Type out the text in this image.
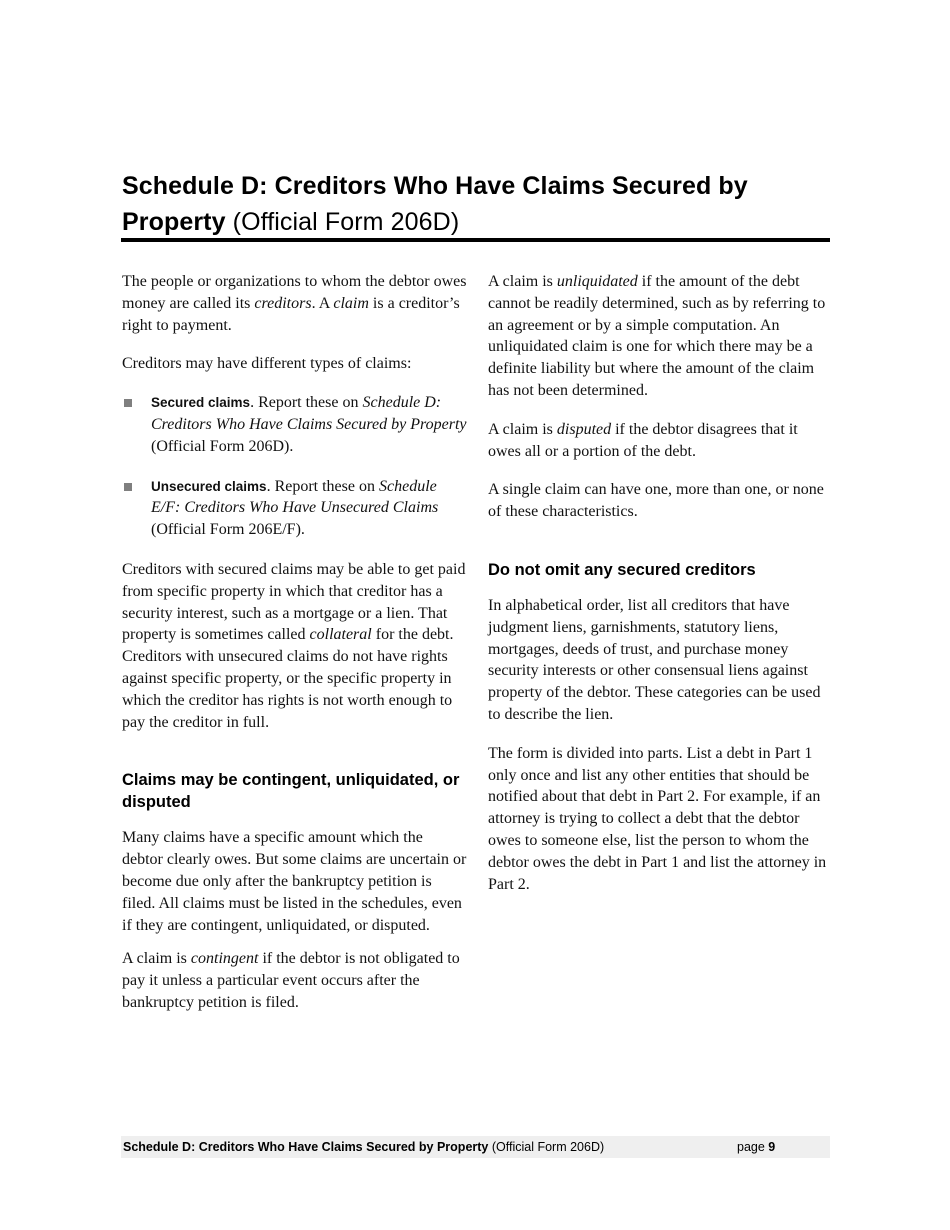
Schedule D: Creditors Who Have Claims Secured by Property (Official Form 206D)

The people or organizations to whom the debtor owes money are called its creditors. A claim is a creditor’s right to payment.

Creditors may have different types of claims:

Secured claims. Report these on Schedule D: Creditors Who Have Claims Secured by Property (Official Form 206D).
Unsecured claims. Report these on Schedule E/F: Creditors Who Have Unsecured Claims (Official Form 206E/F).

Creditors with secured claims may be able to get paid from specific property in which that creditor has a security interest, such as a mortgage or a lien. That property is sometimes called collateral for the debt. Creditors with unsecured claims do not have rights against specific property, or the specific property in which the creditor has rights is not worth enough to pay the creditor in full.

Claims may be contingent, unliquidated, or disputed

Many claims have a specific amount which the debtor clearly owes. But some claims are uncertain or become due only after the bankruptcy petition is filed. All claims must be listed in the schedules, even if they are contingent, unliquidated, or disputed.

A claim is contingent if the debtor is not obligated to pay it unless a particular event occurs after the bankruptcy petition is filed.

A claim is unliquidated if the amount of the debt cannot be readily determined, such as by referring to an agreement or by a simple computation. An unliquidated claim is one for which there may be a definite liability but where the amount of the claim has not been determined.

A claim is disputed if the debtor disagrees that it owes all or a portion of the debt.

A single claim can have one, more than one, or none of these characteristics.

Do not omit any secured creditors

In alphabetical order, list all creditors that have judgment liens, garnishments, statutory liens, mortgages, deeds of trust, and purchase money security interests or other consensual liens against property of the debtor. These categories can be used to describe the lien.

The form is divided into parts. List a debt in Part 1 only once and list any other entities that should be notified about that debt in Part 2. For example, if an attorney is trying to collect a debt that the debtor owes to someone else, list the person to whom the debtor owes the debt in Part 1 and list the attorney in Part 2.

Schedule D: Creditors Who Have Claims Secured by Property (Official Form 206D)	page 9
